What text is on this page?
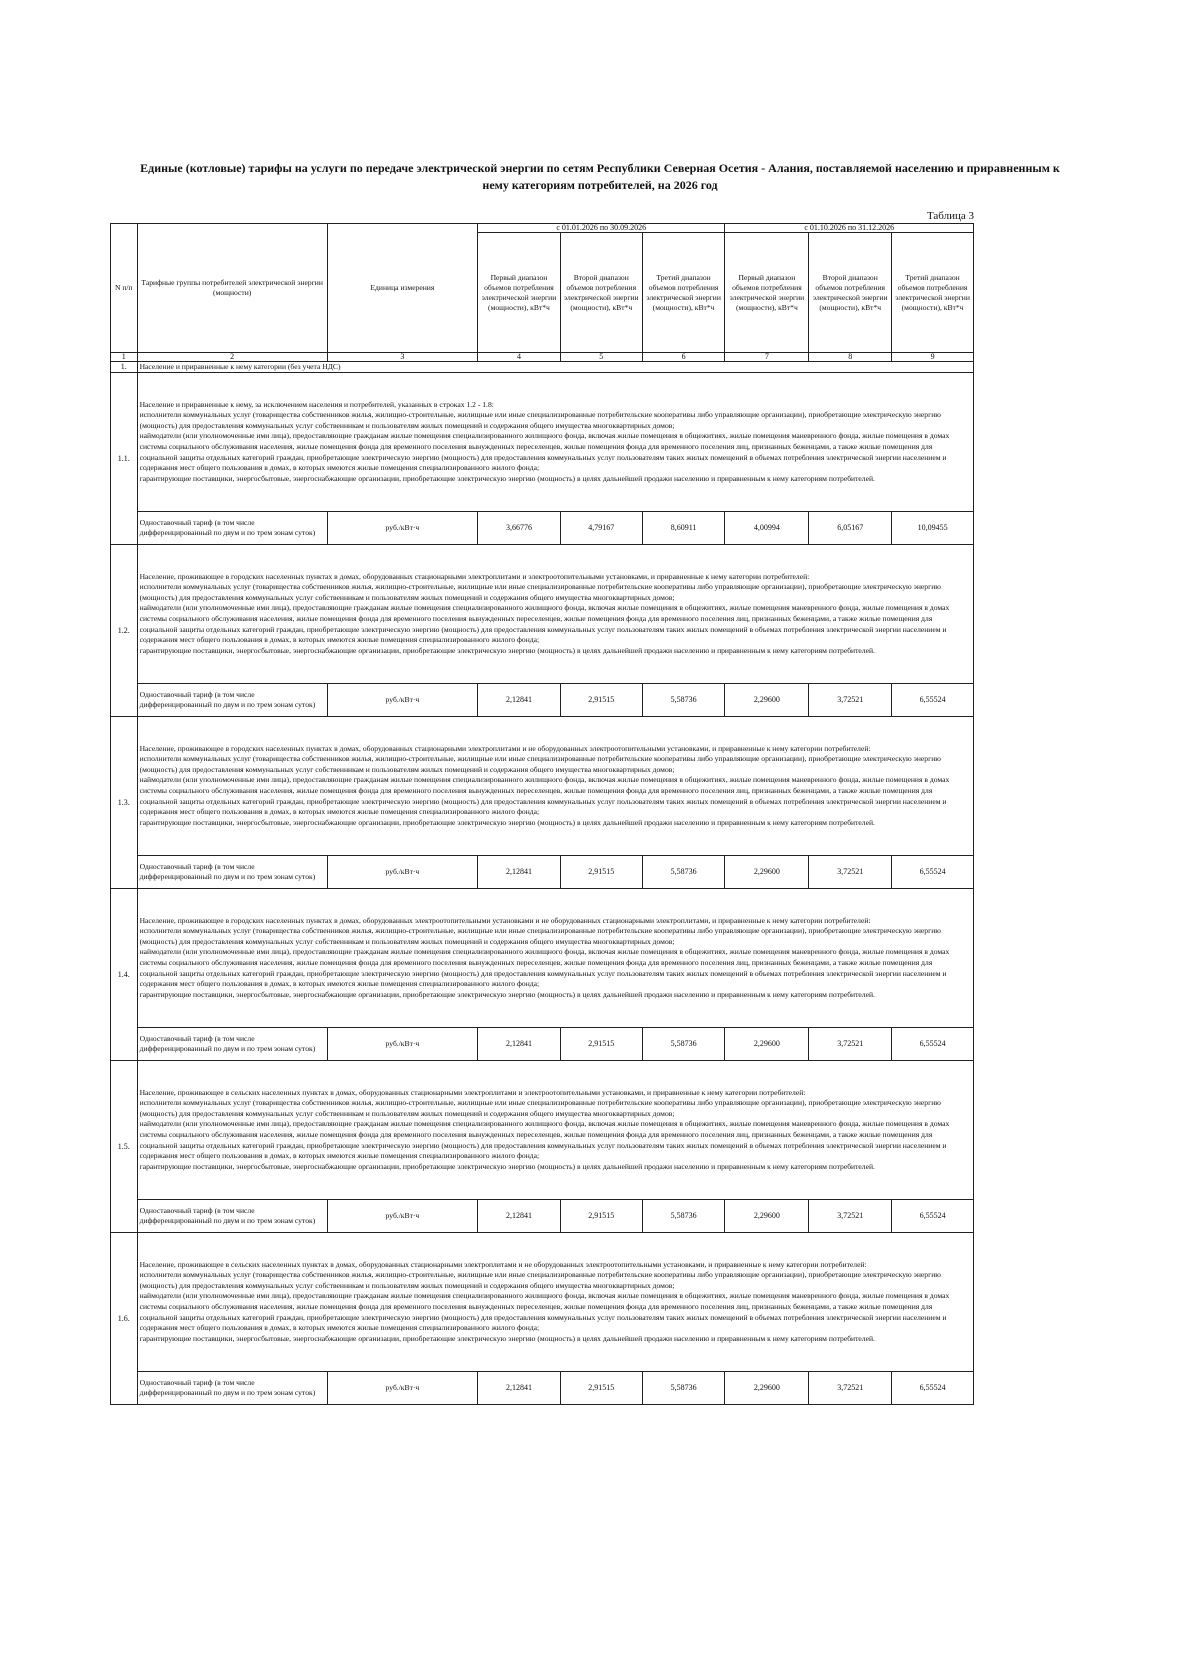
Единые (котловые) тарифы на услуги по передаче электрической энергии по сетям Республики Северная Осетия - Алания, поставляемой населению и приравненным к нему категориям потребителей, на 2026 год
Таблица 3
N п/п	Тарифные группы потребителей электрической энергии (мощности)	Единица измерения	с 01.01.2026 по 30.09.2026			с 01.10.2026 по 31.12.2026		
			Первый диапазон объемов потребления электрической энергии (мощности), кВт*ч	Второй диапазон объемов потребления электрической энергии (мощности), кВт*ч	Третий диапазон объемов потребления электрической энергии (мощности), кВт*ч	Первый диапазон объемов потребления электрической энергии (мощности), кВт*ч	Второй диапазон объемов потребления электрической энергии (мощности), кВт*ч	Третий диапазон объемов потребления электрической энергии (мощности), кВт*ч
1	2	3	4	5	6	7	8	9
1.	Население и приравненные к нему категории (без учета НДС)							
1.1.	Население и приравненные к нему, за исключением населения и потребителей, указанных в строках 1.2 - 1.8:
исполнители коммунальных услуг (товарищества собственников жилья, жилищно-строительные, жилищные или иные специализированные потребительские кооперативы либо управляющие организации), приобретающие электрическую энергию (мощность) для предоставления коммунальных услуг собственникам и пользователям жилых помещений и содержания общего имущества многоквартирных домов;
наймодатели (или уполномоченные ими лица), предоставляющие гражданам жилые помещения специализированного жилищного фонда, включая жилые помещения в общежитиях, жилые помещения маневренного фонда, жилые помещения в домах системы социального обслуживания населения, жилые помещения фонда для временного поселения вынужденных переселенцев, жилые помещения фонда для временного поселения лиц, признанных беженцами, а также жилые помещения для социальной защиты отдельных категорий граждан, приобретающие электрическую энергию (мощность) для предоставления коммунальных услуг пользователям таких жилых помещений в объемах потребления электрической энергии населением и содержания мест общего пользования в домах, в которых имеются жилые помещения специализированного жилого фонда;
гарантирующие поставщики, энергосбытовые, энергоснабжающие организации, приобретающие электрическую энергию (мощность) в целях дальнейшей продажи населению и приравненным к нему категориям потребителей.							

	Одноставочный тариф (в том числе дифференцированный по двум и по трем зонам суток)	руб./кВт·ч	3,66776	4,79167	8,60911	4,00994	6,05167	10,09455
1.2.	Население, проживающее в городских населенных пунктах в домах, оборудованных стационарными электроплитами и электроотопительными установками, и приравненные к нему категории потребителей:
исполнители коммунальных услуг (товарищества собственников жилья, жилищно-строительные, жилищные или иные специализированные потребительские кооперативы либо управляющие организации), приобретающие электрическую энергию (мощность) для предоставления коммунальных услуг собственникам и пользователям жилых помещений и содержания общего имущества многоквартирных домов;
наймодатели (или уполномоченные ими лица), предоставляющие гражданам жилые помещения специализированного жилищного фонда, включая жилые помещения в общежитиях, жилые помещения маневренного фонда, жилые помещения в домах системы социального обслуживания населения, жилые помещения фонда для временного поселения вынужденных переселенцев, жилые помещения фонда для временного поселения лиц, признанных беженцами, а также жилые помещения для социальной защиты отдельных категорий граждан, приобретающие электрическую энергию (мощность) для предоставления коммунальных услуг пользователям таких жилых помещений в объемах потребления электрической энергии населением и содержания мест общего пользования в домах, в которых имеются жилые помещения специализированного жилого фонда;
гарантирующие поставщики, энергосбытовые, энергоснабжающие организации, приобретающие электрическую энергию (мощность) в целях дальнейшей продажи населению и приравненным к нему категориям потребителей.							

	Одноставочный тариф (в том числе дифференцированный по двум и по трем зонам суток)	руб./кВт·ч	2,12841	2,91515	5,58736	2,29600	3,72521	6,55524
1.3.	Население, проживающее в городских населенных пунктах в домах, оборудованных стационарными электроплитами и не оборудованных электроотопительными установками, и приравненные к нему категории потребителей:
исполнители коммунальных услуг (товарищества собственников жилья, жилищно-строительные, жилищные или иные специализированные потребительские кооперативы либо управляющие организации), приобретающие электрическую энергию (мощность) для предоставления коммунальных услуг собственникам и пользователям жилых помещений и содержания общего имущества многоквартирных домов;
наймодатели (или уполномоченные ими лица), предоставляющие гражданам жилые помещения специализированного жилищного фонда, включая жилые помещения в общежитиях, жилые помещения маневренного фонда, жилые помещения в домах системы социального обслуживания населения, жилые помещения фонда для временного поселения вынужденных переселенцев, жилые помещения фонда для временного поселения лиц, признанных беженцами, а также жилые помещения для социальной защиты отдельных категорий граждан, приобретающие электрическую энергию (мощность) для предоставления коммунальных услуг пользователям таких жилых помещений в объемах потребления электрической энергии населением и содержания мест общего пользования в домах, в которых имеются жилые помещения специализированного жилого фонда;
гарантирующие поставщики, энергосбытовые, энергоснабжающие организации, приобретающие электрическую энергию (мощность) в целях дальнейшей продажи населению и приравненным к нему категориям потребителей.							

	Одноставочный тариф (в том числе дифференцированный по двум и по трем зонам суток)	руб./кВт·ч	2,12841	2,91515	5,58736	2,29600	3,72521	6,55524
1.4.	Население, проживающее в городских населенных пунктах в домах, оборудованных электроотопительными установками и не оборудованных стационарными электроплитами, и приравненные к нему категории потребителей:
исполнители коммунальных услуг (товарищества собственников жилья, жилищно-строительные, жилищные или иные специализированные потребительские кооперативы либо управляющие организации), приобретающие электрическую энергию (мощность) для предоставления коммунальных услуг собственникам и пользователям жилых помещений и содержания общего имущества многоквартирных домов;
наймодатели (или уполномоченные ими лица), предоставляющие гражданам жилые помещения специализированного жилищного фонда, включая жилые помещения в общежитиях, жилые помещения маневренного фонда, жилые помещения в домах системы социального обслуживания населения, жилые помещения фонда для временного поселения вынужденных переселенцев, жилые помещения фонда для временного поселения лиц, признанных беженцами, а также жилые помещения для социальной защиты отдельных категорий граждан, приобретающие электрическую энергию (мощность) для предоставления коммунальных услуг пользователям таких жилых помещений в объемах потребления электрической энергии населением и содержания мест общего пользования в домах, в которых имеются жилые помещения специализированного жилого фонда;
гарантирующие поставщики, энергосбытовые, энергоснабжающие организации, приобретающие электрическую энергию (мощность) в целях дальнейшей продажи населению и приравненным к нему категориям потребителей.							

	Одноставочный тариф (в том числе дифференцированный по двум и по трем зонам суток)	руб./кВт·ч	2,12841	2,91515	5,58736	2,29600	3,72521	6,55524
1.5.	Население, проживающее в сельских населенных пунктах в домах, оборудованных стационарными электроплитами и электроотопительными установками, и приравненные к нему категории потребителей:
исполнители коммунальных услуг (товарищества собственников жилья, жилищно-строительные, жилищные или иные специализированные потребительские кооперативы либо управляющие организации), приобретающие электрическую энергию (мощность) для предоставления коммунальных услуг собственникам и пользователям жилых помещений и содержания общего имущества многоквартирных домов;
наймодатели (или уполномоченные ими лица), предоставляющие гражданам жилые помещения специализированного жилищного фонда, включая жилые помещения в общежитиях, жилые помещения маневренного фонда, жилые помещения в домах системы социального обслуживания населения, жилые помещения фонда для временного поселения вынужденных переселенцев, жилые помещения фонда для временного поселения лиц, признанных беженцами, а также жилые помещения для социальной защиты отдельных категорий граждан, приобретающие электрическую энергию (мощность) для предоставления коммунальных услуг пользователям таких жилых помещений в объемах потребления электрической энергии населением и содержания мест общего пользования в домах, в которых имеются жилые помещения специализированного жилого фонда;
гарантирующие поставщики, энергосбытовые, энергоснабжающие организации, приобретающие электрическую энергию (мощность) в целях дальнейшей продажи населению и приравненным к нему категориям потребителей.							

	Одноставочный тариф (в том числе дифференцированный по двум и по трем зонам суток)	руб./кВт·ч	2,12841	2,91515	5,58736	2,29600	3,72521	6,55524
1.6.	Население, проживающее в сельских населенных пунктах в домах, оборудованных стационарными электроплитами и не оборудованных электроотопительными установками, и приравненные к нему категории потребителей:
исполнители коммунальных услуг (товарищества собственников жилья, жилищно-строительные, жилищные или иные специализированные потребительские кооперативы либо управляющие организации), приобретающие электрическую энергию (мощность) для предоставления коммунальных услуг собственникам и пользователям жилых помещений и содержания общего имущества многоквартирных домов;
наймодатели (или уполномоченные ими лица), предоставляющие гражданам жилые помещения специализированного жилищного фонда, включая жилые помещения в общежитиях, жилые помещения маневренного фонда, жилые помещения в домах системы социального обслуживания населения, жилые помещения фонда для временного поселения вынужденных переселенцев, жилые помещения фонда для временного поселения лиц, признанных беженцами, а также жилые помещения для социальной защиты отдельных категорий граждан, приобретающие электрическую энергию (мощность) для предоставления коммунальных услуг пользователям таких жилых помещений в объемах потребления электрической энергии населением и содержания мест общего пользования в домах, в которых имеются жилые помещения специализированного жилого фонда;
гарантирующие поставщики, энергосбытовые, энергоснабжающие организации, приобретающие электрическую энергию (мощность) в целях дальнейшей продажи населению и приравненным к нему категориям потребителей.							

	Одноставочный тариф (в том числе дифференцированный по двум и по трем зонам суток)	руб./кВт·ч	2,12841	2,91515	5,58736	2,29600	3,72521	6,55524
